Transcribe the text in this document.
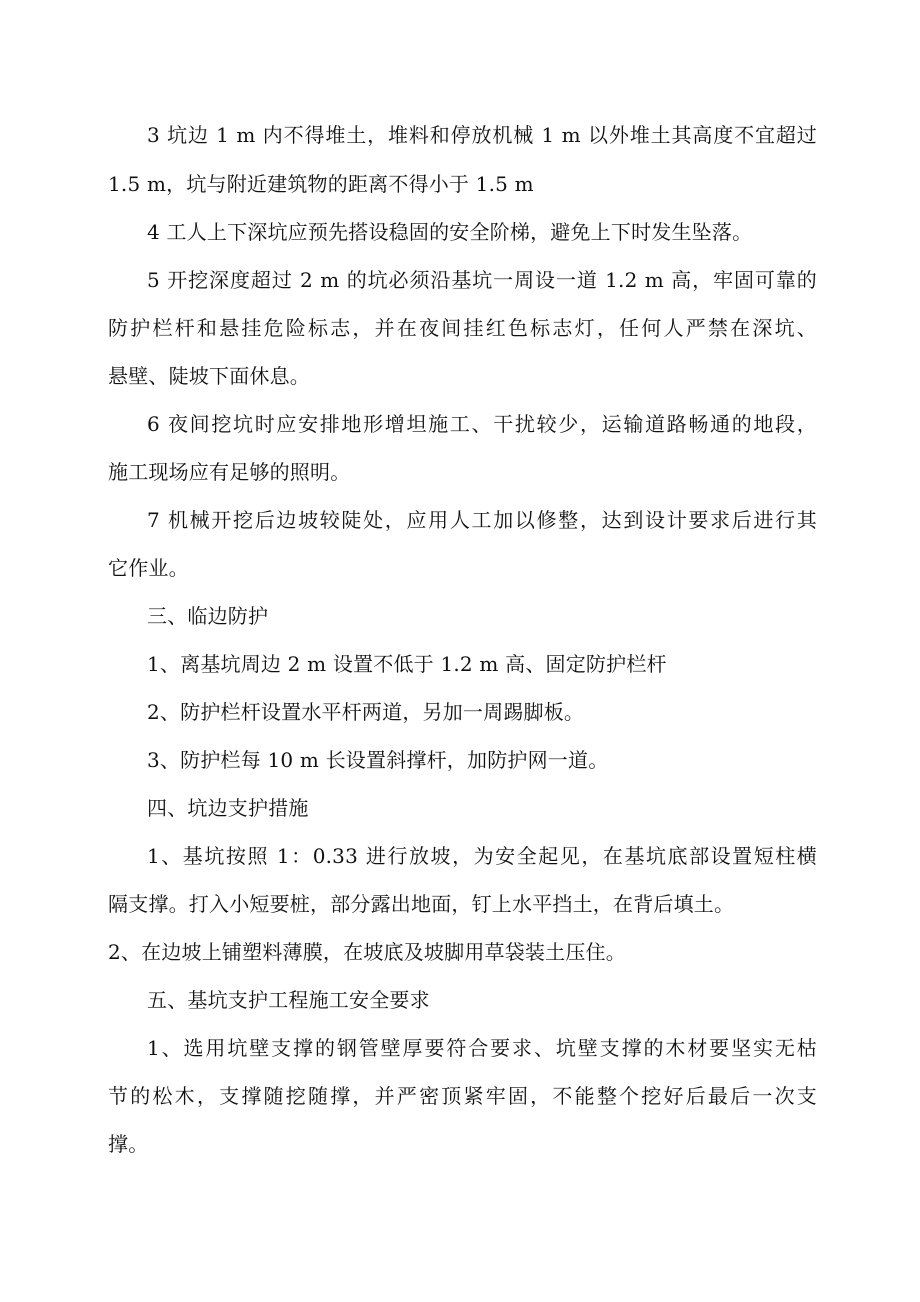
3 坑边 1 m 内不得堆土，堆料和停放机械 1 m 以外堆土其高度不宜超过
1.5 m，坑与附近建筑物的距离不得小于 1.5 m
4 工人上下深坑应预先搭设稳固的安全阶梯，避免上下时发生坠落。
5 开挖深度超过 2 m 的坑必须沿基坑一周设一道 1.2 m 高，牢固可靠的
防护栏杆和悬挂危险标志，并在夜间挂红色标志灯，任何人严禁在深坑、
悬壁、陡坡下面休息。
6 夜间挖坑时应安排地形增坦施工、干扰较少，运输道路畅通的地段，
施工现场应有足够的照明。
7 机械开挖后边坡较陡处，应用人工加以修整，达到设计要求后进行其
它作业。
三、临边防护
1、离基坑周边 2 m 设置不低于 1.2 m 高、固定防护栏杆
2、防护栏杆设置水平杆两道，另加一周踢脚板。
3、防护栏每 10 m 长设置斜撑杆，加防护网一道。
四、坑边支护措施
1、基坑按照 1：0.33 进行放坡，为安全起见，在基坑底部设置短柱横
隔支撑。打入小短要桩，部分露出地面，钉上水平挡土，在背后填土。
2、在边坡上铺塑料薄膜，在坡底及坡脚用草袋装土压住。
五、基坑支护工程施工安全要求
1、选用坑壁支撑的钢管壁厚要符合要求、坑壁支撑的木材要坚实无枯
节的松木，支撑随挖随撑，并严密顶紧牢固，不能整个挖好后最后一次支
撑。
